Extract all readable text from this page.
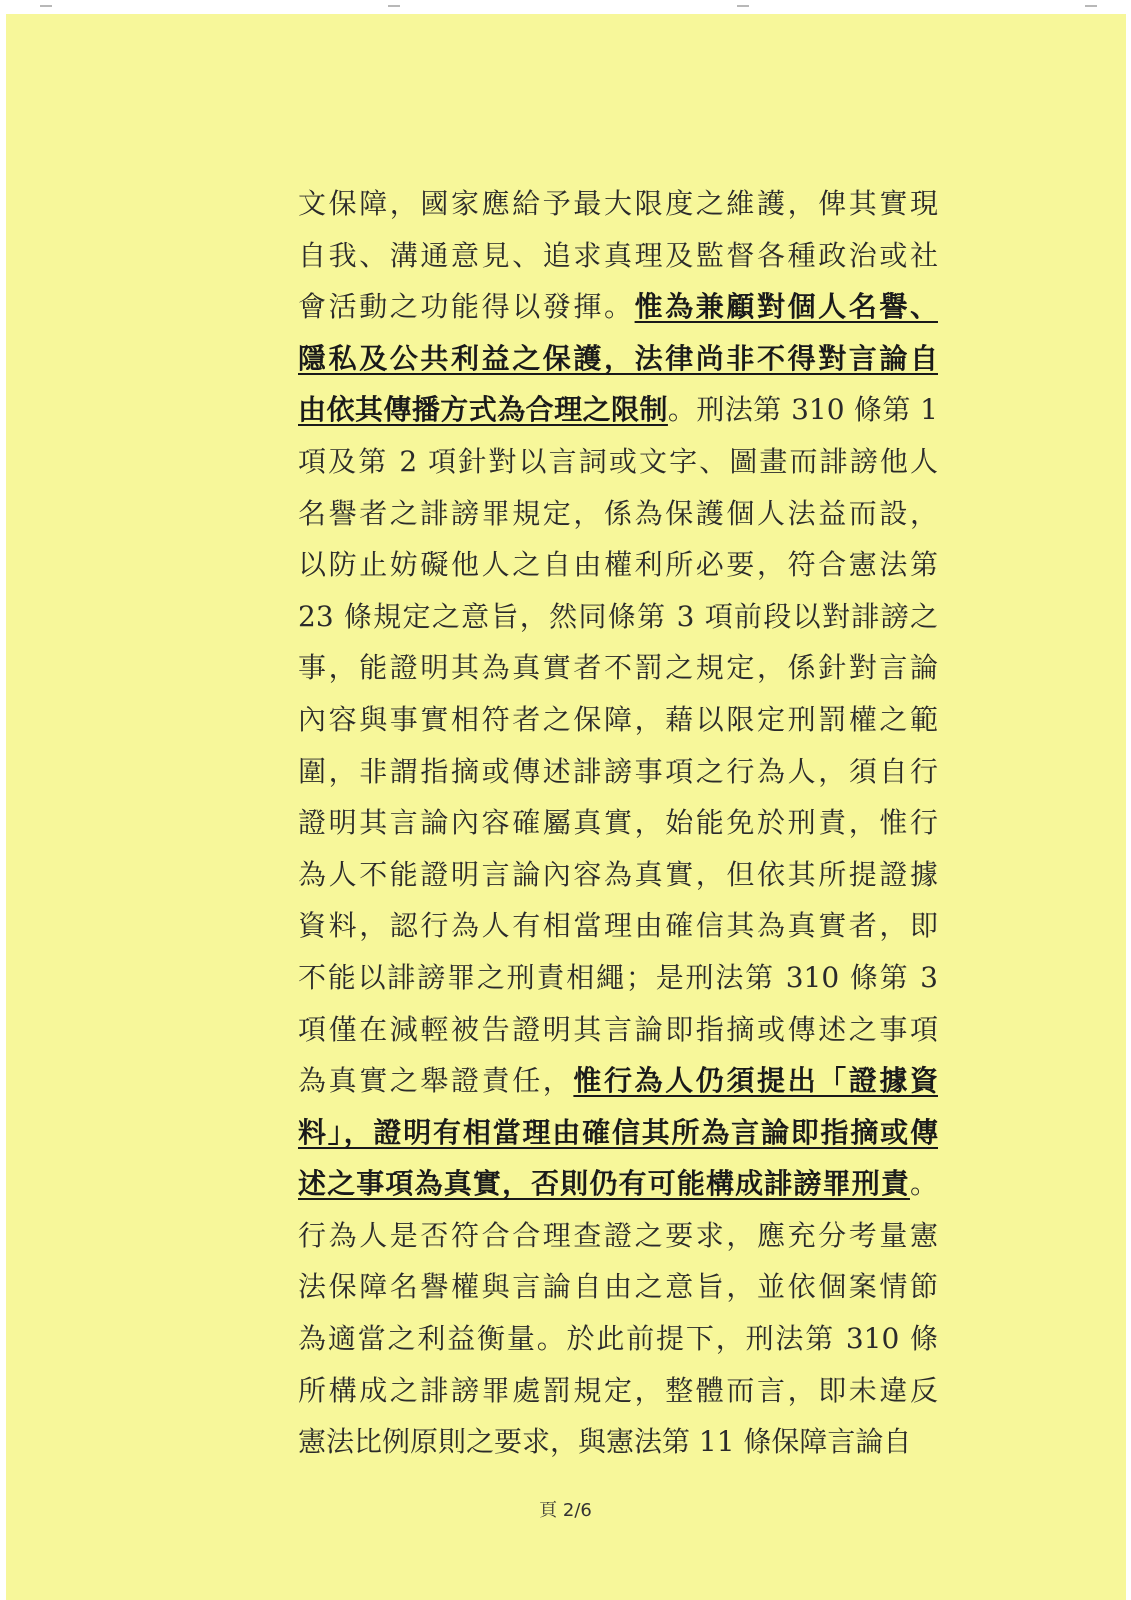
文保障，國家應給予最大限度之維護，俾其實現
自我、溝通意見、追求真理及監督各種政治或社
會活動之功能得以發揮。惟為兼顧對個人名譽、
隱私及公共利益之保護，法律尚非不得對言論自
由依其傳播方式為合理之限制。刑法第 310 條第 1
項及第 2 項針對以言詞或文字、圖畫而誹謗他人
名譽者之誹謗罪規定，係為保護個人法益而設，
以防止妨礙他人之自由權利所必要，符合憲法第
23 條規定之意旨，然同條第 3 項前段以對誹謗之
事，能證明其為真實者不罰之規定，係針對言論
內容與事實相符者之保障，藉以限定刑罰權之範
圍，非謂指摘或傳述誹謗事項之行為人，須自行
證明其言論內容確屬真實，始能免於刑責，惟行
為人不能證明言論內容為真實，但依其所提證據
資料，認行為人有相當理由確信其為真實者，即
不能以誹謗罪之刑責相繩；是刑法第 310 條第 3
項僅在減輕被告證明其言論即指摘或傳述之事項
為真實之舉證責任，惟行為人仍須提出「證據資
料」，證明有相當理由確信其所為言論即指摘或傳
述之事項為真實，否則仍有可能構成誹謗罪刑責。
行為人是否符合合理查證之要求，應充分考量憲
法保障名譽權與言論自由之意旨，並依個案情節
為適當之利益衡量。於此前提下，刑法第 310 條
所構成之誹謗罪處罰規定，整體而言，即未違反
憲法比例原則之要求，與憲法第 11 條保障言論自
頁 2/6
